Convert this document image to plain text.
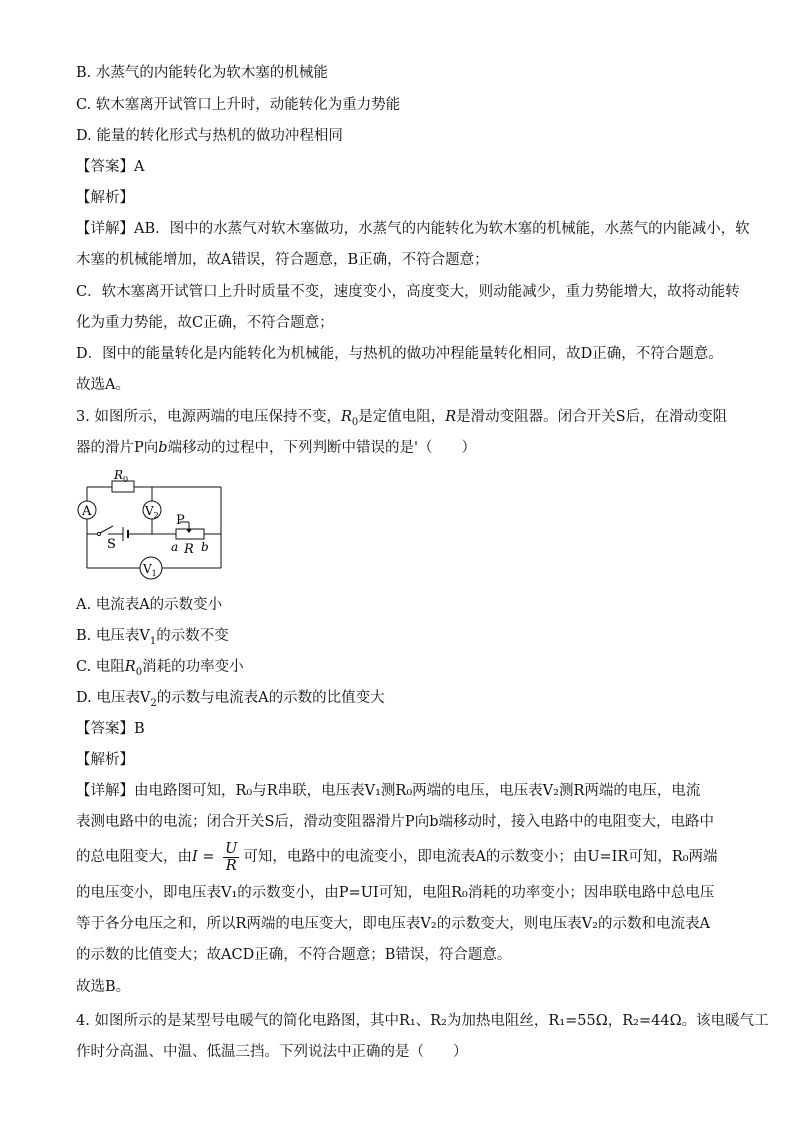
B. 水蒸气的内能转化为软木塞的机械能
C. 软木塞离开试管口上升时，动能转化为重力势能
D. 能量的转化形式与热机的做功冲程相同
【答案】A
【解析】
【详解】AB．图中的水蒸气对软木塞做功，水蒸气的内能转化为软木塞的机械能，水蒸气的内能减小，软
木塞的机械能增加，故A错误，符合题意，B正确，不符合题意；
C．软木塞离开试管口上升时质量不变，速度变小，高度变大，则动能减少，重力势能增大，故将动能转
化为重力势能，故C正确，不符合题意；
D．图中的能量转化是内能转化为机械能，与热机的做功冲程能量转化相同，故D正确，不符合题意。
故选A。
3. 如图所示，电源两端的电压保持不变，$R_0$是定值电阻，R是滑动变阻器。闭合开关S后，在滑动变阻
器的滑片P向b端移动的过程中，下列判断中错误的是'（　　）
$R_0$
A	$V_2$
$V_1$
S
P
a R b
A. 电流表A的示数变小
B. 电压表$V_1$的示数不变
C. 电阻$R_0$消耗的功率变小
D. 电压表$V_2$的示数与电流表A的示数的比值变大
【答案】B
【解析】
【详解】由电路图可知，R₀与R串联，电压表V₁测R₀两端的电压，电压表V₂测R两端的电压，电流
表测电路中的电流；闭合开关S后，滑动变阻器滑片P向b端移动时，接入电路中的电阻变大，电路中
的总电阻变大，由$I = \frac{U}{R}$ 可知，电路中的电流变小，即电流表A的示数变小；由U=IR可知，R₀两端
的电压变小，即电压表V₁的示数变小，由P=UI可知，电阻R₀消耗的功率变小；因串联电路中总电压
等于各分电压之和，所以R两端的电压变大，即电压表V₂的示数变大，则电压表V₂的示数和电流表A
的示数的比值变大；故ACD正确，不符合题意；B错误，符合题意。
故选B。
4. 如图所示的是某型号电暖气的简化电路图，其中R₁、R₂为加热电阻丝，R₁=55Ω，R₂=44Ω。该电暖气工
作时分高温、中温、低温三挡。下列说法中正确的是（　　）
